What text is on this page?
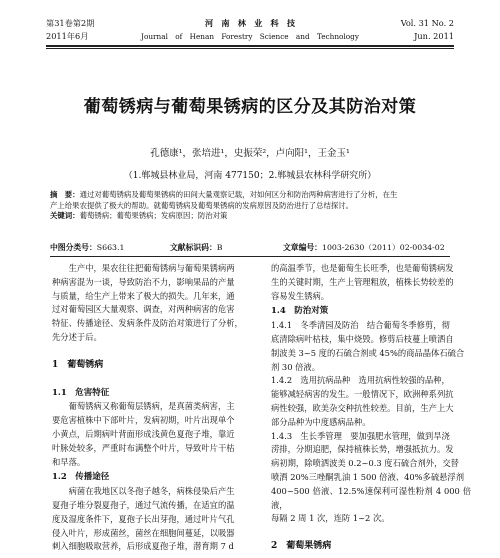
第31卷第2期
2011年6月
河　南　林　业　科　技
Journal　of　Henan　Forestry　Science　and　Technology
Vol. 31 No. 2
Jun. 2011
葡萄锈病与葡萄果锈病的区分及其防治对策
孔德康¹，张培进¹，史振荣²，卢向阳¹，王金玉¹
（1.郸城县林业局，河南 477150；2.郸城县农林科学研究所）

摘　要：通过对葡萄锈病及葡萄果锈病的田间大量观察记载，对如何区分和防治两种病害进行了分析，在生

产上给果农提供了极大的帮助。就葡萄锈病及葡萄果锈病的发病原因及防治进行了总结探讨。

关键词：葡萄锈病；葡萄果锈病；发病原因；防治对策

中图分类号：S663.1	文献标识码：B	文章编号：1003-2630（2011）02-0034-02

生产中，果农往往把葡萄锈病与葡萄果锈病两

种病害混为一谈，导致防治不力，影响果品的产量

与质量，给生产上带来了极大的损失。几年来，通

过对葡萄园区大量观察、调查，对两种病害的危害

特征、传播途径、发病条件及防治对策进行了分析，

先分述于后。

1　葡萄锈病
1.1　危害特征

葡萄锈病又称葡萄层锈病，是真菌类病害，主

要危害植株中下部叶片，发病初期，叶片出现单个

小黄点，后期病叶背面形成浅黄色夏孢子堆，靠近

叶脉处较多，严重时布满整个叶片，导致叶片干枯

和早落。

1.2　传播途径

病菌在我地区以冬孢子越冬，病株侵染后产生

夏孢子堆分裂夏孢子，通过气流传播，在适宜的温

度及湿度条件下，夏孢子长出芽孢，通过叶片气孔

侵入叶片，形成菌丝，菌丝在细胞间蔓延，以吸器

刺入细胞吸取营养，后形成夏孢子堆，潜育期 7 d

的高温季节，也是葡萄生长旺季，也是葡萄锈病发

生的关键时期，生产上管理粗放，植株长势较差的

容易发生锈病。

1.4　防治对策

1.4.1　冬季清园及防治　 结合葡萄冬季修剪，彻

底清除病叶枯枝，集中烧毁。修剪后枝蔓上喷洒自

制波美 3~5 度的石硫合剂或 45%的商品晶体石硫合

剂 30 倍液。

1.4.2　选用抗病品种　 选用抗病性较强的品种，

能够减轻病害的发生。一般情况下，欧洲种系列抗

病性较强，欧美杂交种抗性较差。目前，生产上大

部分品种为中度感病品种。

1.4.3　生长季管理　 要加强肥水管理，做到旱浇

涝排，分期追肥，保持植株长势，增强抵抗力。发

病初期，除喷洒波美 0.2~0.3 度石硫合剂外，交替

喷洒 20%三唑酮乳油 1 500 倍液、40%多硫悬浮剂

400~500 倍液、12.5%速保利可湿性粉剂 4 000 倍液，

每隔 2 周 1 次，连防 1~2 次。

2　葡萄果锈病
